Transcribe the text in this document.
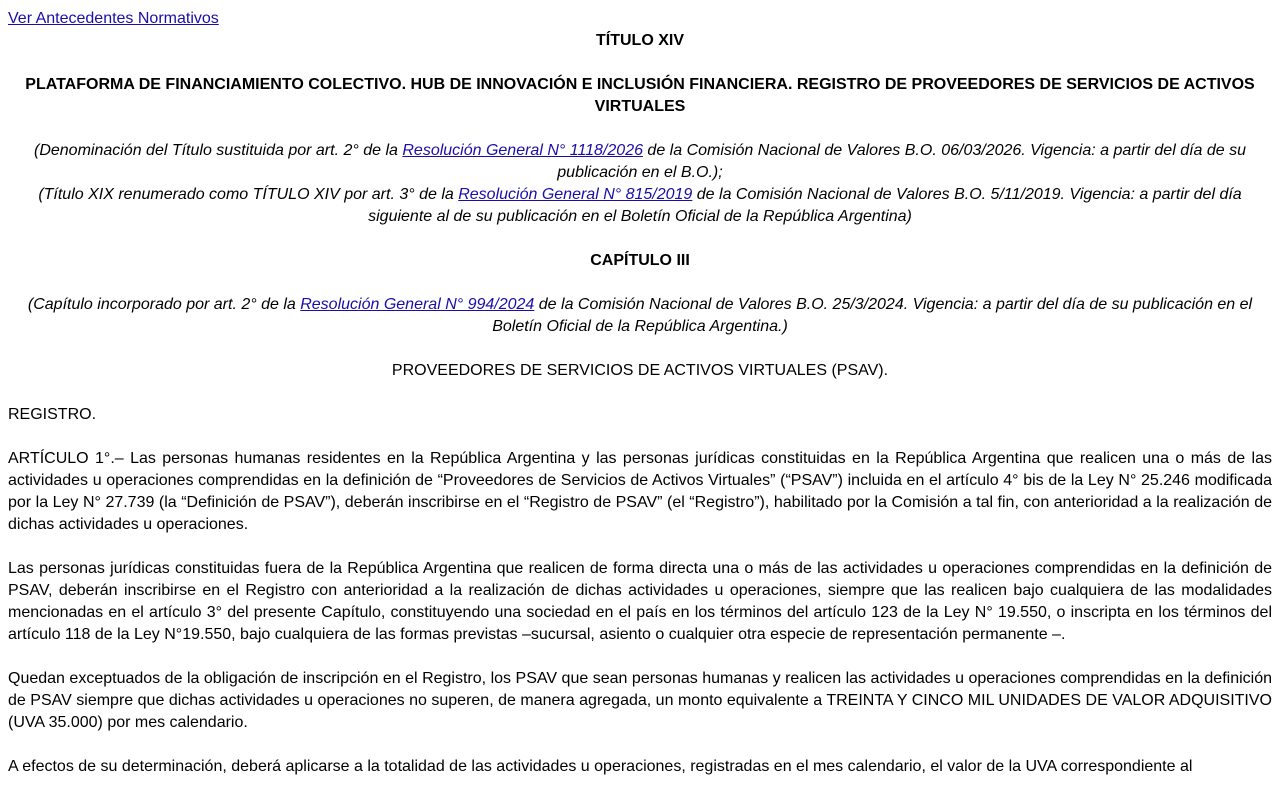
Ver Antecedentes Normativos
TÍTULO XIV
PLATAFORMA DE FINANCIAMIENTO COLECTIVO. HUB DE INNOVACIÓN E INCLUSIÓN FINANCIERA. REGISTRO DE PROVEEDORES DE SERVICIOS DE ACTIVOS VIRTUALES
(Denominación del Título sustituida por art. 2° de la Resolución General N° 1118/2026 de la Comisión Nacional de Valores B.O. 06/03/2026. Vigencia: a partir del día de su publicación en el B.O.);
(Título XIX renumerado como TÍTULO XIV por art. 3° de la Resolución General N° 815/2019 de la Comisión Nacional de Valores B.O. 5/11/2019. Vigencia: a partir del día siguiente al de su publicación en el Boletín Oficial de la República Argentina)
CAPÍTULO III
(Capítulo incorporado por art. 2° de la Resolución General N° 994/2024 de la Comisión Nacional de Valores B.O. 25/3/2024. Vigencia: a partir del día de su publicación en el Boletín Oficial de la República Argentina.)
PROVEEDORES DE SERVICIOS DE ACTIVOS VIRTUALES (PSAV).
REGISTRO.
ARTÍCULO 1°.– Las personas humanas residentes en la República Argentina y las personas jurídicas constituidas en la República Argentina que realicen una o más de las actividades u operaciones comprendidas en la definición de “Proveedores de Servicios de Activos Virtuales” (“PSAV”) incluida en el artículo 4° bis de la Ley N° 25.246 modificada por la Ley N° 27.739 (la “Definición de PSAV”), deberán inscribirse en el “Registro de PSAV” (el “Registro”), habilitado por la Comisión a tal fin, con anterioridad a la realización de dichas actividades u operaciones.
Las personas jurídicas constituidas fuera de la República Argentina que realicen de forma directa una o más de las actividades u operaciones comprendidas en la definición de PSAV, deberán inscribirse en el Registro con anterioridad a la realización de dichas actividades u operaciones, siempre que las realicen bajo cualquiera de las modalidades mencionadas en el artículo 3° del presente Capítulo, constituyendo una sociedad en el país en los términos del artículo 123 de la Ley N° 19.550, o inscripta en los términos del artículo 118 de la Ley N°19.550, bajo cualquiera de las formas previstas –sucursal, asiento o cualquier otra especie de representación permanente –.
Quedan exceptuados de la obligación de inscripción en el Registro, los PSAV que sean personas humanas y realicen las actividades u operaciones comprendidas en la definición de PSAV siempre que dichas actividades u operaciones no superen, de manera agregada, un monto equivalente a TREINTA Y CINCO MIL UNIDADES DE VALOR ADQUISITIVO (UVA 35.000) por mes calendario.
A efectos de su determinación, deberá aplicarse a la totalidad de las actividades u operaciones, registradas en el mes calendario, el valor de la UVA correspondiente al
